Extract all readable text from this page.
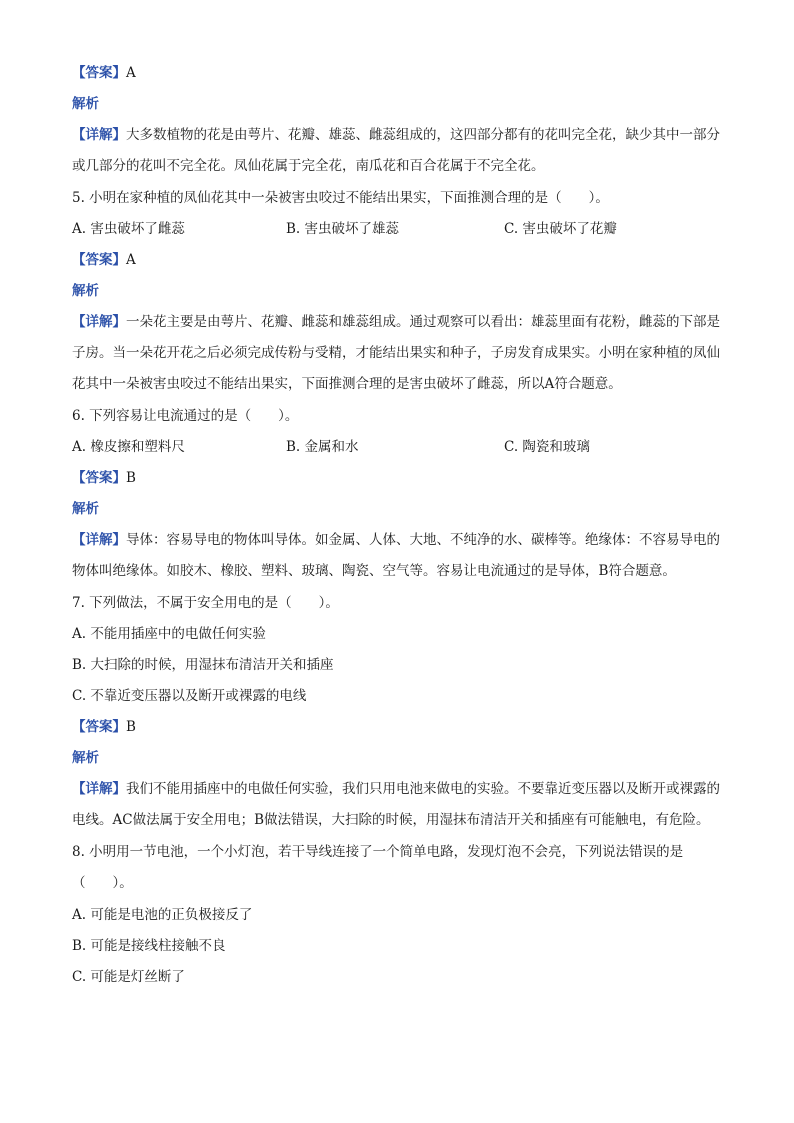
【答案】A
解析
【详解】大多数植物的花是由萼片、花瓣、雄蕊、雌蕊组成的，这四部分都有的花叫完全花，缺少其中一部分或几部分的花叫不完全花。凤仙花属于完全花，南瓜花和百合花属于不完全花。
5. 小明在家种植的凤仙花其中一朵被害虫咬过不能结出果实，下面推测合理的是（　　）。
A. 害虫破坏了雌蕊	B. 害虫破坏了雄蕊	C. 害虫破坏了花瓣
【答案】A
解析
【详解】一朵花主要是由萼片、花瓣、雌蕊和雄蕊组成。通过观察可以看出：雄蕊里面有花粉，雌蕊的下部是子房。当一朵花开花之后必须完成传粉与受精，才能结出果实和种子，子房发育成果实。小明在家种植的凤仙花其中一朵被害虫咬过不能结出果实，下面推测合理的是害虫破坏了雌蕊，所以A符合题意。
6. 下列容易让电流通过的是（　　）。
A. 橡皮擦和塑料尺	B. 金属和水	C. 陶瓷和玻璃
【答案】B
解析
【详解】导体：容易导电的物体叫导体。如金属、人体、大地、不纯净的水、碳棒等。绝缘体：不容易导电的物体叫绝缘体。如胶木、橡胶、塑料、玻璃、陶瓷、空气等。容易让电流通过的是导体，B符合题意。
7. 下列做法，不属于安全用电的是（　　）。
A. 不能用插座中的电做任何实验
B. 大扫除的时候，用湿抹布清洁开关和插座
C. 不靠近变压器以及断开或裸露的电线
【答案】B
解析
【详解】我们不能用插座中的电做任何实验，我们只用电池来做电的实验。不要靠近变压器以及断开或裸露的电线。AC做法属于安全用电；B做法错误，大扫除的时候，用湿抹布清洁开关和插座有可能触电，有危险。
8. 小明用一节电池，一个小灯泡，若干导线连接了一个简单电路，发现灯泡不会亮，下列说法错误的是（　　）。
A. 可能是电池的正负极接反了
B. 可能是接线柱接触不良
C. 可能是灯丝断了
